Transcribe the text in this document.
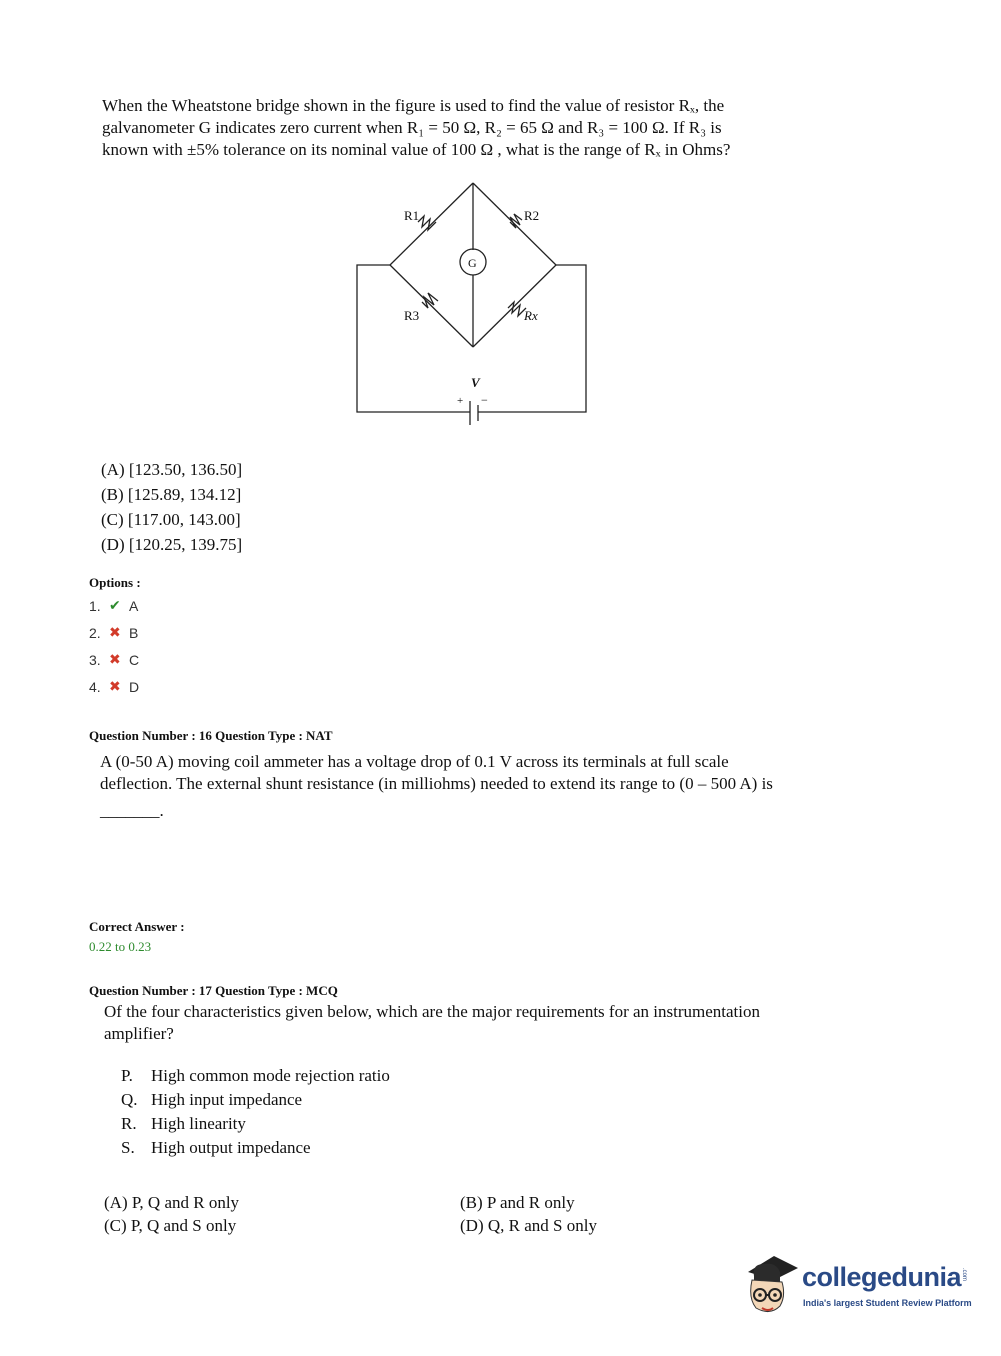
When the Wheatstone bridge shown in the figure is used to find the value of resistor Rₓ, the
galvanometer G indicates zero current when R₁ = 50 Ω, R₂ = 65 Ω and R₃ = 100 Ω. If R₃ is
known with ±5% tolerance on its nominal value of 100 Ω , what is the range of Rₓ in Ohms?
R1	R2
R3	Rx
G
V
+ −
(A) [123.50, 136.50]
(B) [125.89, 134.12]
(C) [117.00, 143.00]
(D) [120.25, 139.75]
Options :
1. ✔ A
2. ✖ B
3. ✖ C
4. ✖ D
Question Number : 16 Question Type : NAT
A (0-50 A) moving coil ammeter has a voltage drop of 0.1 V across its terminals at full scale
deflection. The external shunt resistance (in milliohms) needed to extend its range to (0 – 500 A) is
_______.
Correct Answer :
0.22 to 0.23
Question Number : 17 Question Type : MCQ
Of the four characteristics given below, which are the major requirements for an instrumentation
amplifier?
P.	High common mode rejection ratio
Q. High input impedance
R. High linearity
S. High output impedance
(A) P, Q and R only
(C) P, Q and S only
(B) P and R only
(D) Q, R and S only
collegedunia .com
India's largest Student Review Platform
